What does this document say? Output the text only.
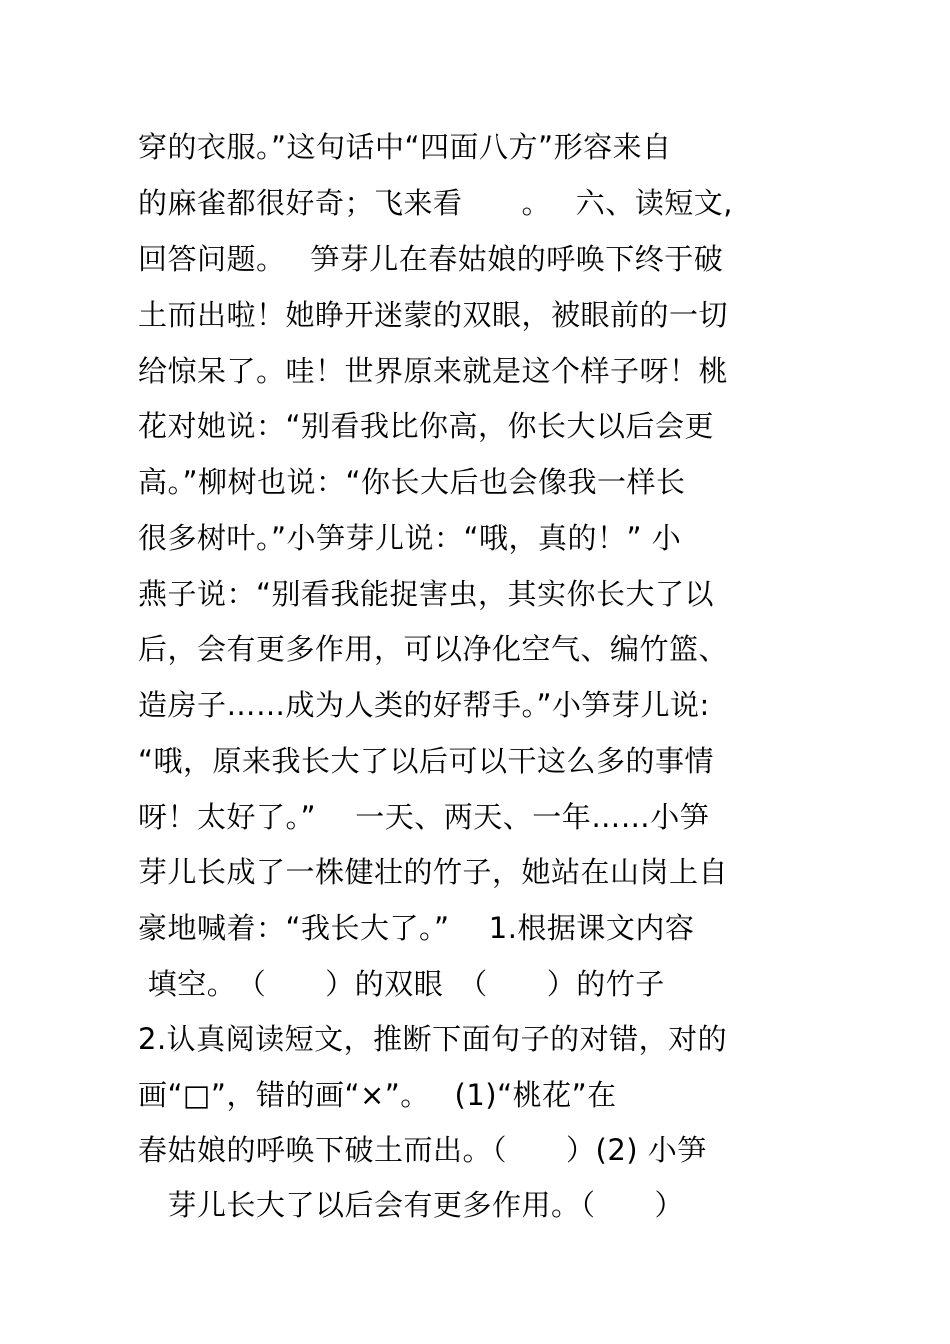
穿的衣服。”这句话中“四面八方”形容来自
的麻雀都很好奇；飞来看　　。　 六、读短文,
回答问题。　 笋芽儿在春姑娘的呼唤下终于破
土而出啦！她睁开迷蒙的双眼，被眼前的一切
给惊呆了。哇！世界原来就是这个样子呀！桃
花对她说：“别看我比你高，你长大以后会更
高。”柳树也说：“你长大后也会像我一样长
很多树叶。”小笋芽儿说：“哦，真的！” 小
燕子说：“别看我能捉害虫，其实你长大了以
后，会有更多作用，可以净化空气、编竹篮、
造房子……成为人类的好帮手。”小笋芽儿说:
“哦，原来我长大了以后可以干这么多的事情
呀！太好了。”　 一天、两天、一年……小笋
芽儿长成了一株健壮的竹子，她站在山岗上自
豪地喊着：“我长大了。”　 1.根据课文内容
填空。　（　　）的双眼　（　　）的竹子
2.认真阅读短文，推断下面句子的对错，对的
画“□”，错的画“×”。　 (1)“桃花”在
春姑娘的呼唤下破土而出。（　　）(2) 小笋
　芽儿长大了以后会有更多作用。（　　）
